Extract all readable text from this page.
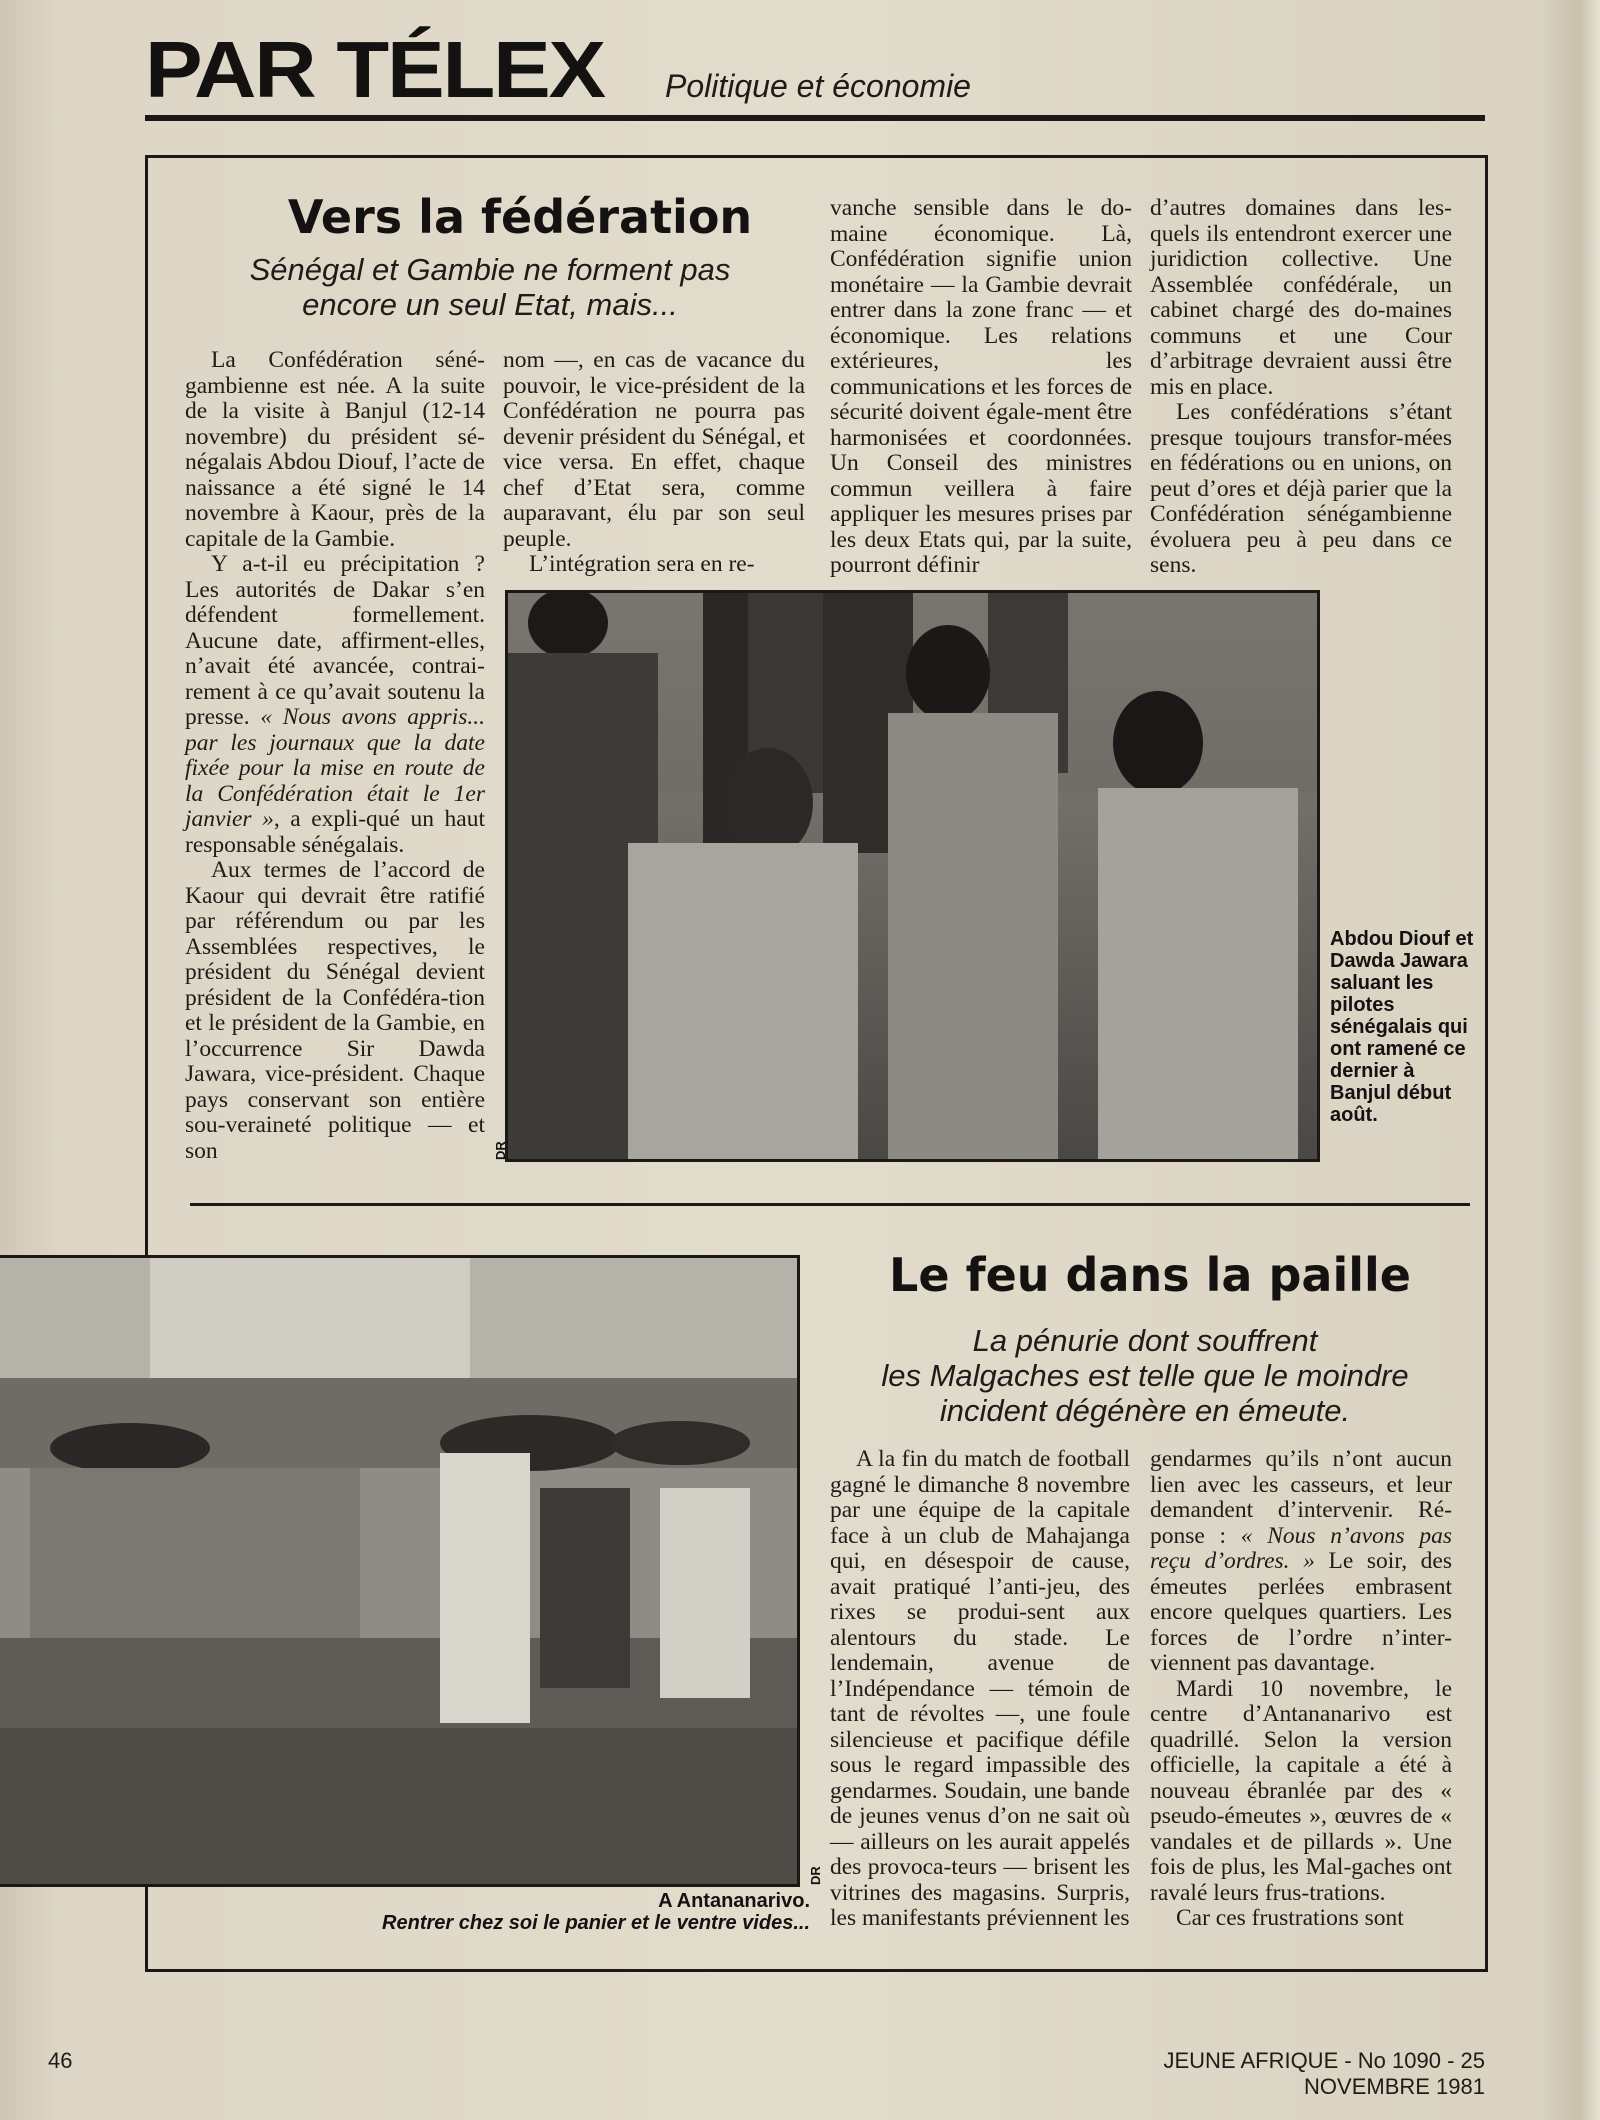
PAR TÉLEX Politique et économie
Vers la fédération
Sénégal et Gambie ne forment pas
encore un seul Etat, mais...

La Confédération séné-gambienne est née. A la suite de la visite à Banjul (12-14 novembre) du président sé-négalais Abdou Diouf, l’acte de naissance a été signé le 14 novembre à Kaour, près de la capitale de la Gambie.

Y a-t-il eu précipitation ? Les autorités de Dakar s’en défendent formellement. Aucune date, affirment-elles, n’avait été avancée, contrai-rement à ce qu’avait soutenu la presse. « Nous avons appris... par les journaux que la date fixée pour la mise en route de la Confédération était le 1er janvier », a expli-qué un haut responsable sénégalais.

Aux termes de l’accord de Kaour qui devrait être ratifié par référendum ou par les Assemblées respectives, le président du Sénégal devient président de la Confédéra-tion et le président de la Gambie, en l’occurrence Sir Dawda Jawara, vice-président. Chaque pays conservant son entière sou-veraineté politique — et son

nom —, en cas de vacance du pouvoir, le vice-président de la Confédération ne pourra pas devenir président du Sénégal, et vice versa. En effet, chaque chef d’Etat sera, comme auparavant, élu par son seul peuple.

L’intégration sera en re-

vanche sensible dans le do-maine économique. Là, Confédération signifie union monétaire — la Gambie devrait entrer dans la zone franc — et économique. Les relations extérieures, les communications et les forces de sécurité doivent égale-ment être harmonisées et coordonnées. Un Conseil des ministres commun veillera à faire appliquer les mesures prises par les deux Etats qui, par la suite, pourront définir

d’autres domaines dans les-quels ils entendront exercer une juridiction collective. Une Assemblée confédérale, un cabinet chargé des do-maines communs et une Cour d’arbitrage devraient aussi être mis en place.

Les confédérations s’étant presque toujours transfor-mées en fédérations ou en unions, on peut d’ores et déjà parier que la Confédération sénégambienne évoluera peu à peu dans ce sens.

DR
Abdou Diouf et Dawda Jawara saluant les pilotes sénégalais qui ont ramené ce dernier à Banjul début août.
DR
A Antananarivo.
Rentrer chez soi le panier et le ventre vides...
Le feu dans la paille
La pénurie dont souffrent
les Malgaches est telle que le moindre
incident dégénère en émeute.

A la fin du match de football gagné le dimanche 8 novembre par une équipe de la capitale face à un club de Mahajanga qui, en désespoir de cause, avait pratiqué l’anti-jeu, des rixes se produi-sent aux alentours du stade. Le lendemain, avenue de l’Indépendance — témoin de tant de révoltes —, une foule silencieuse et pacifique défile sous le regard impassible des gendarmes. Soudain, une bande de jeunes venus d’on ne sait où — ailleurs on les aurait appelés des provoca-teurs — brisent les vitrines des magasins. Surpris, les manifestants préviennent les

gendarmes qu’ils n’ont aucun lien avec les casseurs, et leur demandent d’intervenir. Ré-ponse : « Nous n’avons pas reçu d’ordres. » Le soir, des émeutes perlées embrasent encore quelques quartiers. Les forces de l’ordre n’inter-viennent pas davantage.

Mardi 10 novembre, le centre d’Antananarivo est quadrillé. Selon la version officielle, la capitale a été à nouveau ébranlée par des « pseudo-émeutes », œuvres de « vandales et de pillards ». Une fois de plus, les Mal-gaches ont ravalé leurs frus-trations.

Car ces frustrations sont

46	JEUNE AFRIQUE - No 1090 - 25 NOVEMBRE 1981
